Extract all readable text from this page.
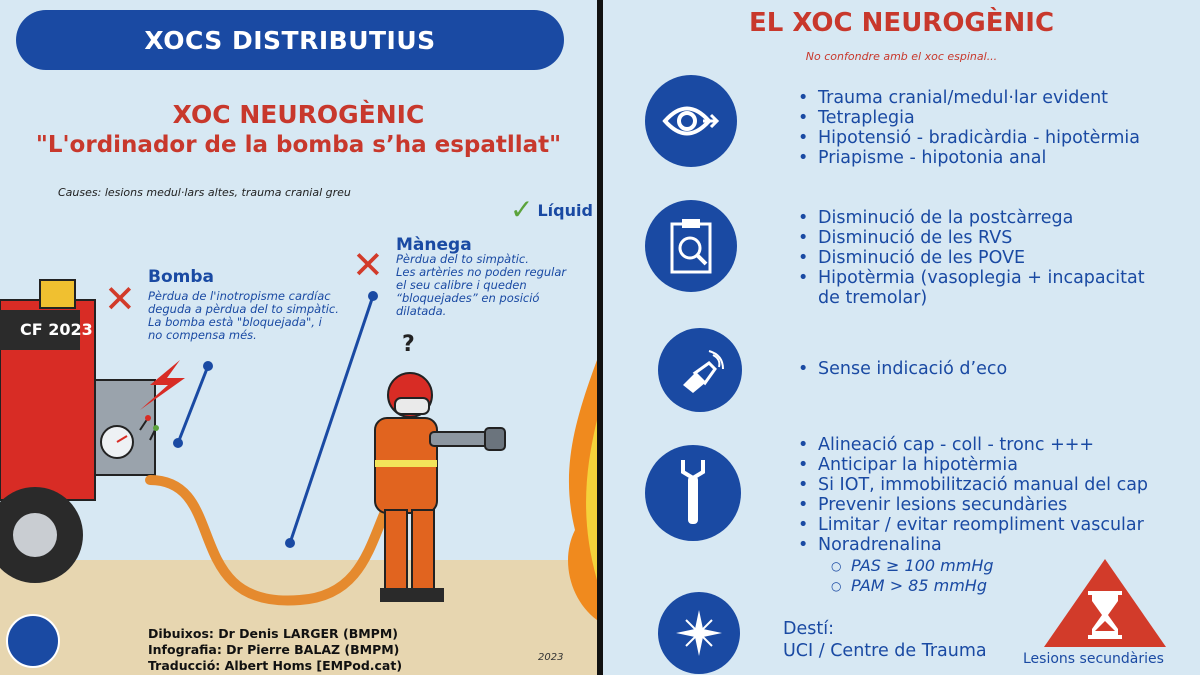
XOCS DISTRIBUTIUS
XOC NEUROGÈNIC
"L'ordinador de la bomba s’ha espatllat"
Causes: lesions medul·lars altes, trauma cranial greu
✓ Líquid
✕ Bomba
Pèrdua de l'inotropisme cardíac
deguda a pèrdua del to simpàtic.
La bomba està "bloquejada", i
no compensa més.
✕ Mànega
Pèrdua del to simpàtic.
Les artèries no poden regular
el seu calibre i queden
“bloquejades” en posició
dilatada.
CF 2023
?
Dibuixos: Dr Denis LARGER (BMPM)
Infografia: Dr Pierre BALAZ (BMPM)
Traducció: Albert Homs [EMPod.cat)
2023
EL XOC NEUROGÈNIC
No confondre amb el xoc espinal...
• Trauma cranial/medul·lar evident
• Tetraplegia
• Hipotensió - bradicàrdia - hipotèrmia
• Priapisme - hipotonia anal
• Disminució de la postcàrrega
• Disminució de les RVS
• Disminució de les POVE
• Hipotèrmia (vasoplegia + incapacitat
de tremolar)
• Sense indicació d’eco
• Alineació cap - coll - tronc +++
• Anticipar la hipotèrmia
• Si IOT, immobilització manual del cap
• Prevenir lesions secundàries
• Limitar / evitar reompliment vascular
• Noradrenalina
○ PAS ≥ 100 mmHg
○ PAM > 85 mmHg
Destí:
UCI / Centre de Trauma	Lesions secundàries
